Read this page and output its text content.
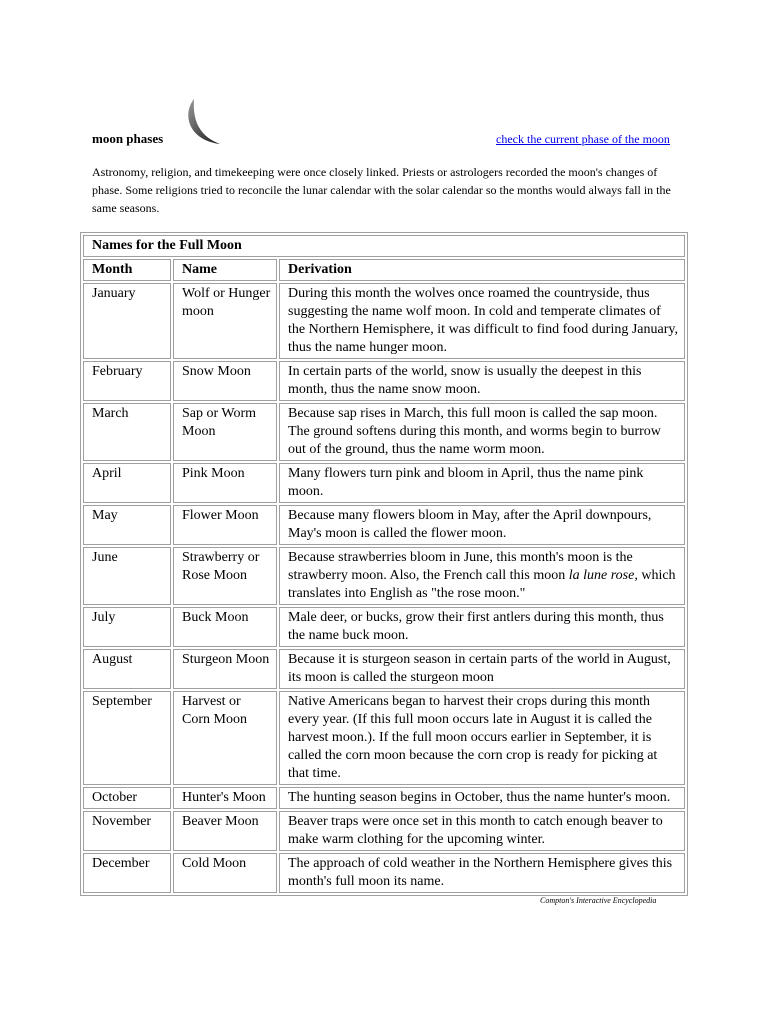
moon phases	check the current phase of the moon
Astronomy, religion, and timekeeping were once closely linked. Priests or astrologers recorded the moon's changes of phase. Some religions tried to reconcile the lunar calendar with the solar calendar so the months would always fall in the same seasons.
Names for the Full Moon		
Month	Name	Derivation
January	Wolf or Hunger moon	During this month the wolves once roamed the countryside, thus suggesting the name wolf moon. In cold and temperate climates of the Northern Hemisphere, it was difficult to find food during January, thus the name hunger moon.
February	Snow Moon	In certain parts of the world, snow is usually the deepest in this month, thus the name snow moon.
March	Sap or Worm Moon	Because sap rises in March, this full moon is called the sap moon. The ground softens during this month, and worms begin to burrow out of the ground, thus the name worm moon.
April	Pink Moon	Many flowers turn pink and bloom in April, thus the name pink moon.
May	Flower Moon	Because many flowers bloom in May, after the April downpours, May's moon is called the flower moon.
June	Strawberry or Rose Moon	Because strawberries bloom in June, this month's moon is the strawberry moon. Also, the French call this moon la lune rose, which translates into English as "the rose moon."
July	Buck Moon	Male deer, or bucks, grow their first antlers during this month, thus the name buck moon.
August	Sturgeon Moon	Because it is sturgeon season in certain parts of the world in August, its moon is called the sturgeon moon
September	Harvest or Corn Moon	Native Americans began to harvest their crops during this month every year. (If this full moon occurs late in August it is called the harvest moon.). If the full moon occurs earlier in September, it is called the corn moon because the corn crop is ready for picking at that time.
October	Hunter's Moon	The hunting season begins in October, thus the name hunter's moon.
November	Beaver Moon	Beaver traps were once set in this month to catch enough beaver to make warm clothing for the upcoming winter.
December	Cold Moon	The approach of cold weather in the Northern Hemisphere gives this month's full moon its name.
Compton's Interactive Encyclopedia
